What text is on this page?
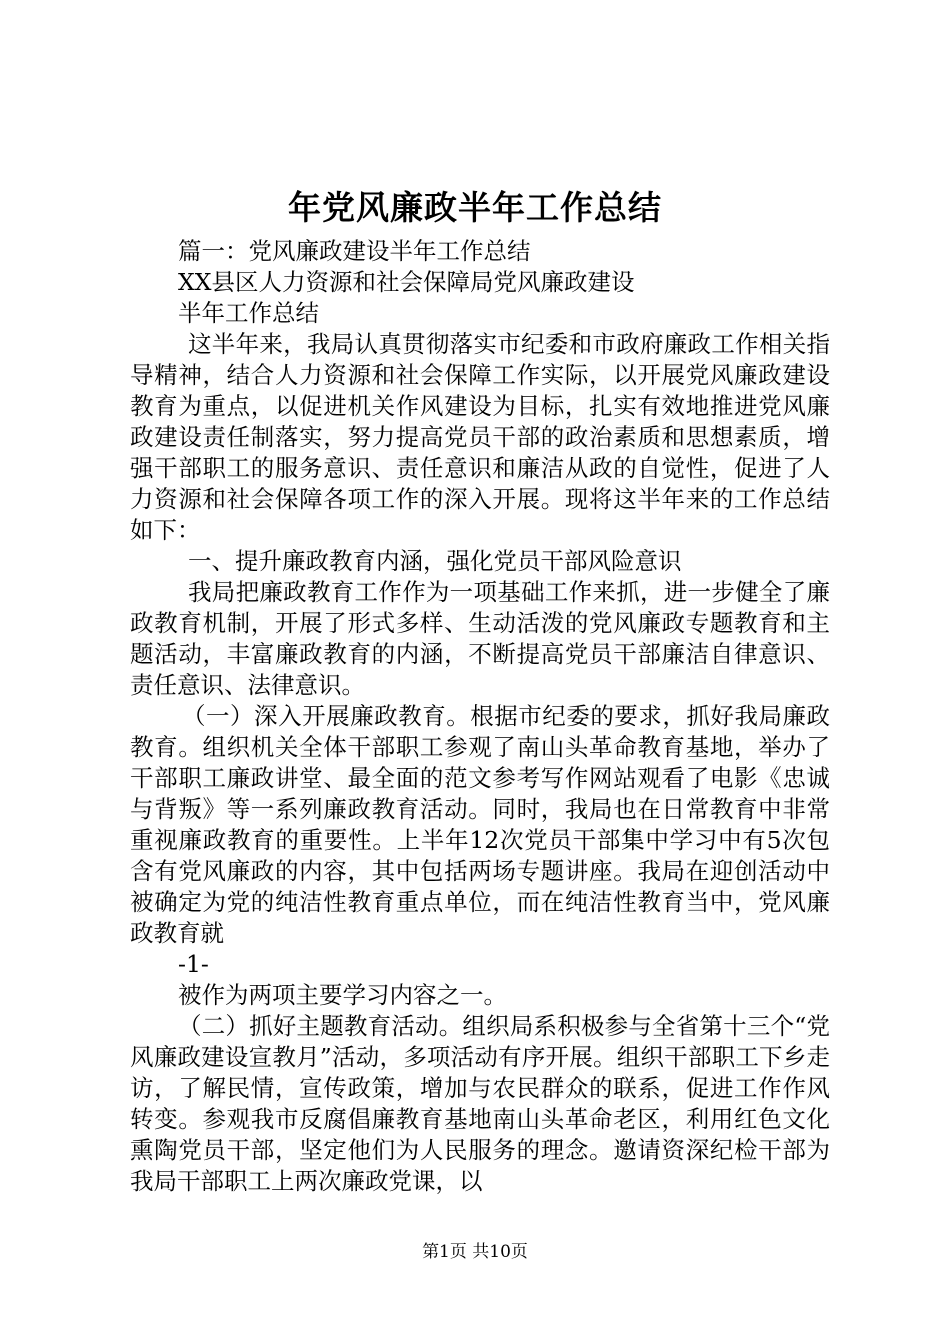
年党风廉政半年工作总结

篇一：党风廉政建设半年工作总结

XX县区人力资源和社会保障局党风廉政建设

半年工作总结

这半年来，我局认真贯彻落实市纪委和市政府廉政工作相关指导精神，结合人力资源和社会保障工作实际，以开展党风廉政建设教育为重点，以促进机关作风建设为目标，扎实有效地推进党风廉政建设责任制落实，努力提高党员干部的政治素质和思想素质，增强干部职工的服务意识、责任意识和廉洁从政的自觉性，促进了人力资源和社会保障各项工作的深入开展。现将这半年来的工作总结如下：

一、提升廉政教育内涵，强化党员干部风险意识

我局把廉政教育工作作为一项基础工作来抓，进一步健全了廉政教育机制，开展了形式多样、生动活泼的党风廉政专题教育和主题活动，丰富廉政教育的内涵，不断提高党员干部廉洁自律意识、责任意识、法律意识。

（一）深入开展廉政教育。根据市纪委的要求，抓好我局廉政教育。组织机关全体干部职工参观了南山头革命教育基地，举办了干部职工廉政讲堂、最全面的范文参考写作网站观看了电影《忠诚与背叛》等一系列廉政教育活动。同时，我局也在日常教育中非常重视廉政教育的重要性。上半年12次党员干部集中学习中有5次包含有党风廉政的内容，其中包括两场专题讲座。我局在迎创活动中被确定为党的纯洁性教育重点单位，而在纯洁性教育当中，党风廉政教育就

-1-

被作为两项主要学习内容之一。

（二）抓好主题教育活动。组织局系积极参与全省第十三个“党风廉政建设宣教月”活动，多项活动有序开展。组织干部职工下乡走访，了解民情，宣传政策，增加与农民群众的联系，促进工作作风转变。参观我市反腐倡廉教育基地南山头革命老区，利用红色文化熏陶党员干部，坚定他们为人民服务的理念。邀请资深纪检干部为我局干部职工上两次廉政党课，以

第1页 共10页
